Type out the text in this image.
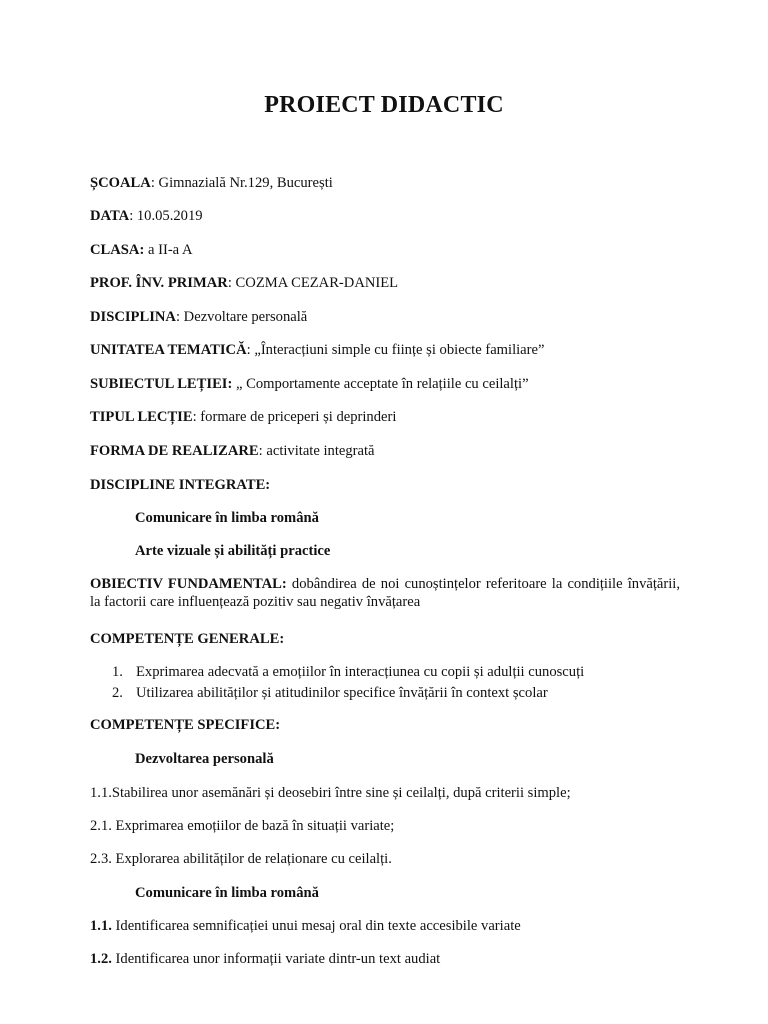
PROIECT DIDACTIC
ȘCOALA: Gimnazială Nr.129, București
DATA: 10.05.2019
CLASA: a II-a A
PROF. ÎNV. PRIMAR: COZMA CEZAR-DANIEL
DISCIPLINA: Dezvoltare personală
UNITATEA TEMATICĂ: „Înteracțiuni simple cu ființe și obiecte familiare”
SUBIECTUL LEȚIEI: „ Comportamente acceptate în relațiile cu ceilalți”
TIPUL LECȚIE: formare de priceperi și deprinderi
FORMA DE REALIZARE: activitate integrată
DISCIPLINE INTEGRATE:
Comunicare în limba română
Arte vizuale și abilități practice
OBIECTIV FUNDAMENTAL: dobândirea de noi cunoștințelor referitoare la condițiile învățării, la factorii care influențează pozitiv sau negativ învățarea
COMPETENȚE GENERALE:
1. Exprimarea adecvată a emoțiilor în interacțiunea cu copii și adulții cunoscuți
2. Utilizarea abilităților și atitudinilor specifice învățării în context școlar
COMPETENȚE SPECIFICE:
Dezvoltarea personală
1.1.Stabilirea unor asemănări și deosebiri între sine și ceilalți, după criterii simple;
2.1. Exprimarea emoțiilor de bază în situații variate;
2.3. Explorarea abilităților de relaționare cu ceilalți.
Comunicare în limba română
1.1. Identificarea semnificației unui mesaj oral din texte accesibile variate
1.2. Identificarea unor informații variate dintr-un text audiat
